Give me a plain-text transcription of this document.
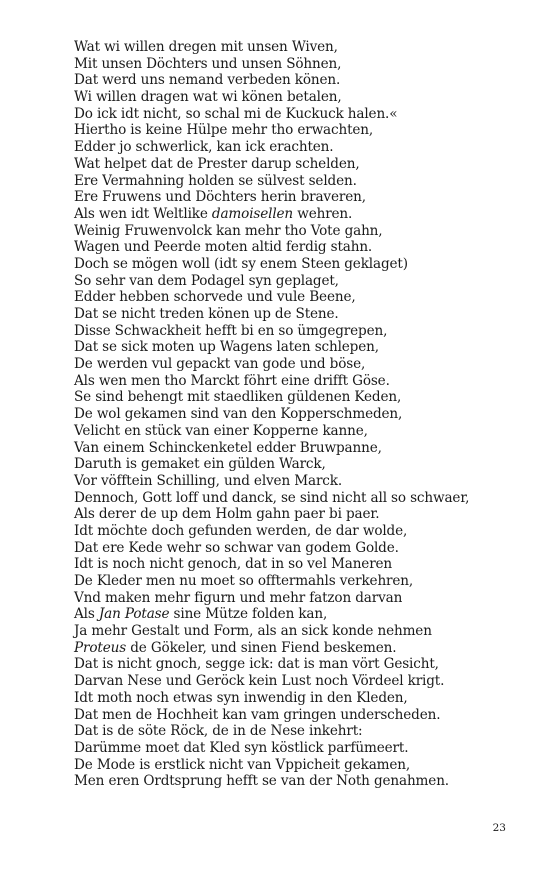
Wat wi willen dregen mit unsen Wiven,
Mit unsen Döchters und unsen Söhnen,
Dat werd uns nemand verbeden könen.
Wi willen dragen wat wi könen betalen,
Do ick idt nicht, so schal mi de Kuckuck halen.«
Hiertho is keine Hülpe mehr tho erwachten,
Edder jo schwerlick, kan ick erachten.
Wat helpet dat de Prester darup schelden,
Ere Vermahning holden se sülvest selden.
Ere Fruwens und Döchters herin braveren,
Als wen idt Weltlike damoisellen wehren.
Weinig Fruwenvolck kan mehr tho Vote gahn,
Wagen und Peerde moten altid ferdig stahn.
Doch se mögen woll (idt sy enem Steen geklaget)
So sehr van dem Podagel syn geplaget,
Edder hebben schorvede und vule Beene,
Dat se nicht treden könen up de Stene.
Disse Schwackheit hefft bi en so ümgegrepen,
Dat se sick moten up Wagens laten schlepen,
De werden vul gepackt van gode und böse,
Als wen men tho Marckt föhrt eine drifft Göse.
Se sind behengt mit staedliken güldenen Keden,
De wol gekamen sind van den Kopperschmeden,
Velicht en stück van einer Kopperne kanne,
Van einem Schinckenketel edder Bruwpanne,
Daruth is gemaket ein gülden Warck,
Vor vöfftein Schilling, und elven Marck.
Dennoch, Gott loff und danck, se sind nicht all so schwaer,
Als derer de up dem Holm gahn paer bi paer.
Idt möchte doch gefunden werden, de dar wolde,
Dat ere Kede wehr so schwar van godem Golde.
Idt is noch nicht genoch, dat in so vel Maneren
De Kleder men nu moet so offtermahls verkehren,
Vnd maken mehr figurn und mehr fatzon darvan
Als Jan Potase sine Mütze folden kan,
Ja mehr Gestalt und Form, als an sick konde nehmen
Proteus de Gökeler, und sinen Fiend beskemen.
Dat is nicht gnoch, segge ick: dat is man vört Gesicht,
Darvan Nese und Geröck kein Lust noch Vördeel krigt.
Idt moth noch etwas syn inwendig in den Kleden,
Dat men de Hochheit kan vam gringen underscheden.
Dat is de söte Röck, de in de Nese inkehrt:
Darümme moet dat Kled syn köstlick parfümeert.
De Mode is erstlick nicht van Vppicheit gekamen,
Men eren Ordtsprung hefft se van der Noth genahmen.
23
